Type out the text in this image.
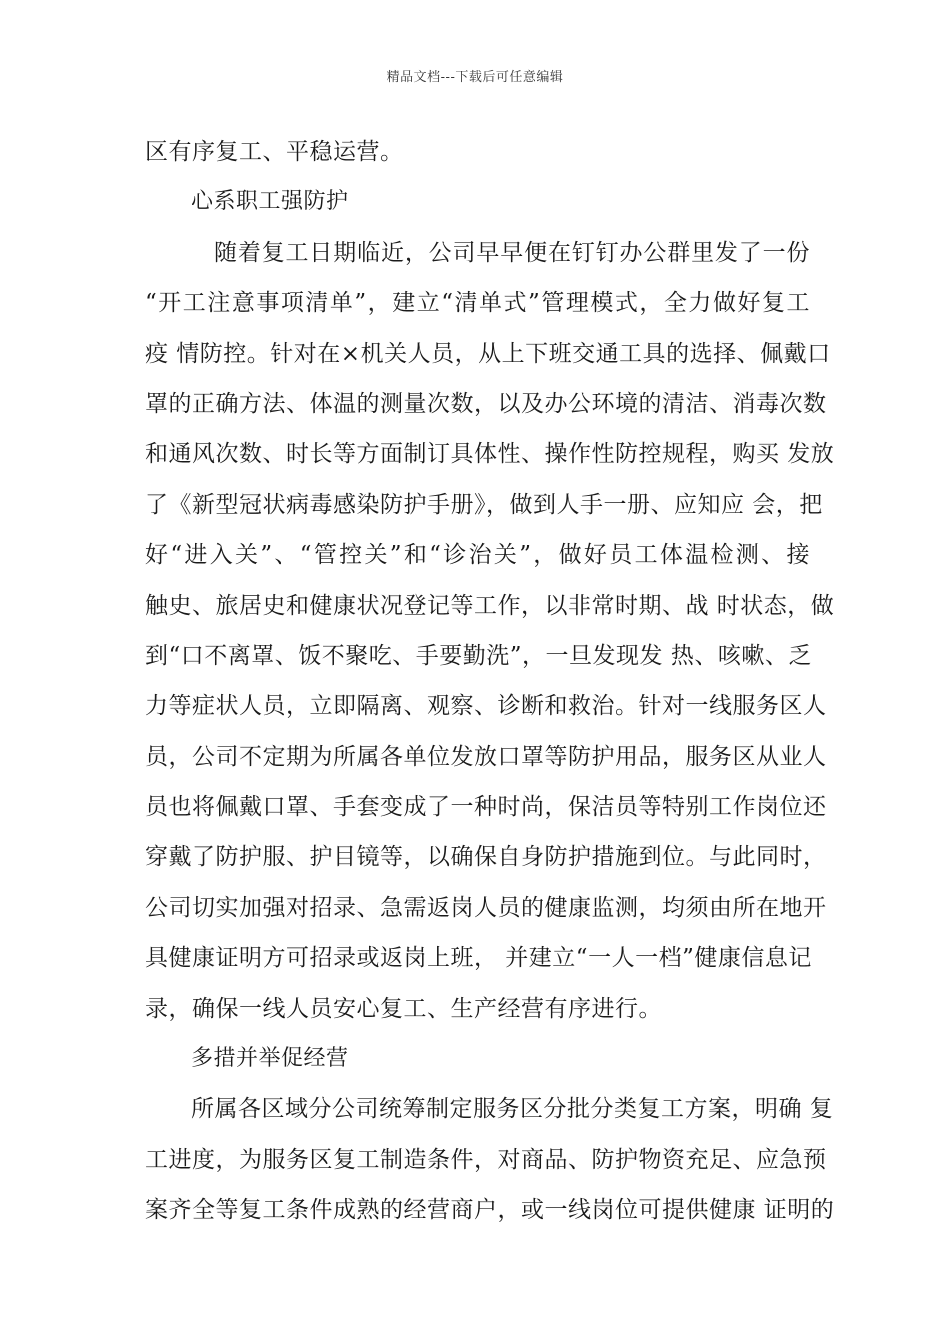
精品文档---下载后可任意编辑
区有序复工、平稳运营。
心系职工强防护
随着复工日期临近，公司早早便在钉钉办公群里发了一份
“开工注意事项清单”，建立“清单式”管理模式，全力做好复工
疫 情防控。针对在×机关人员，从上下班交通工具的选择、佩戴口
罩的正确方法、体温的测量次数，以及办公环境的清洁、消毒次数
和通风次数、时长等方面制订具体性、操作性防控规程，购买 发放
了《新型冠状病毒感染防护手册》，做到人手一册、应知应 会，把
好“进入关”、“管控关”和“诊治关”，做好员工体温检测、接
触史、旅居史和健康状况登记等工作，以非常时期、战 时状态，做
到“口不离罩、饭不聚吃、手要勤洗”，一旦发现发 热、咳嗽、乏
力等症状人员，立即隔离、观察、诊断和救治。针对一线服务区人
员，公司不定期为所属各单位发放口罩等防护用品，服务区从业人
员也将佩戴口罩、手套变成了一种时尚，保洁员等特别工作岗位还
穿戴了防护服、护目镜等，以确保自身防护措施到位。与此同时，
公司切实加强对招录、急需返岗人员的健康监测，均须由所在地开
具健康证明方可招录或返岗上班， 并建立“一人一档”健康信息记
录，确保一线人员安心复工、生产经营有序进行。
多措并举促经营
所属各区域分公司统筹制定服务区分批分类复工方案，明确 复
工进度，为服务区复工制造条件，对商品、防护物资充足、应急预
案齐全等复工条件成熟的经营商户，或一线岗位可提供健康 证明的
